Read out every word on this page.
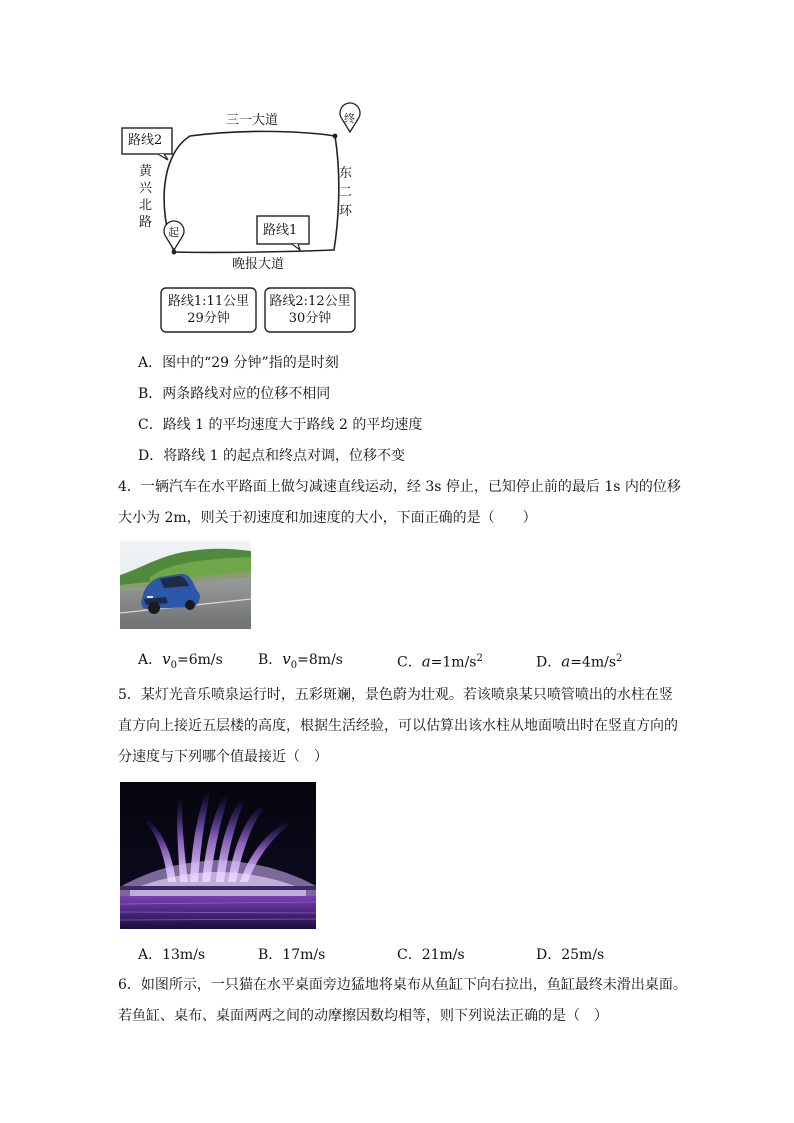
三一大道
黄
兴
北
路
东
二
环
晚报大道
路线2
路线1
起
终
路线1:11公里
29分钟
路线2:12公里
30分钟
A．图中的“29 分钟”指的是时刻
B．两条路线对应的位移不相同
C．路线 1 的平均速度大于路线 2 的平均速度
D．将路线 1 的起点和终点对调，位移不变
4．一辆汽车在水平路面上做匀减速直线运动，经 3s 停止，已知停止前的最后 1s 内的位移
大小为 2m，则关于初速度和加速度的大小，下面正确的是（　　）
A．$v_0=6m/s$	B．$v_0=8m/s$	C．$a=1m/s^2$	D．$a=4m/s^2$
5．某灯光音乐喷泉运行时，五彩斑斓，景色蔚为壮观。若该喷泉某只喷管喷出的水柱在竖
直方向上接近五层楼的高度，根据生活经验，可以估算出该水柱从地面喷出时在竖直方向的
分速度与下列哪个值最接近（　）
A．13m/s	B．17m/s	C．21m/s	D．25m/s
6．如图所示，一只猫在水平桌面旁边猛地将桌布从鱼缸下向右拉出，鱼缸最终未滑出桌面。
若鱼缸、桌布、桌面两两之间的动摩擦因数均相等，则下列说法正确的是（　）
